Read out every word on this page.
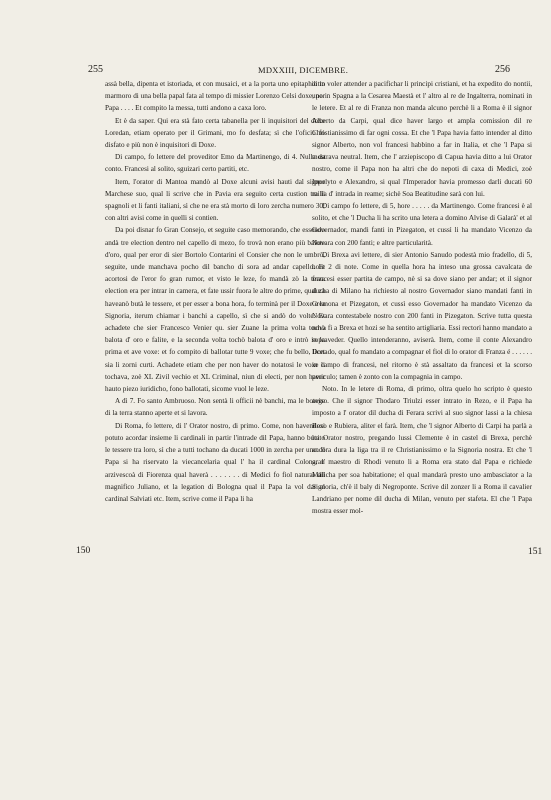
255	MDXXIII, DICEMBRE.	256

assà bella, dipenta et istoriada, et con musaici, et a la porta uno epitaphio in marmoro di una bella papal fata al tempo di missier Lorenzo Celsi doxe, per Papa . . . . Et compito la messa, tutti andono a caxa loro.

Et è da saper. Qui era stà fato certa tabanella per li inquisitori del doxe Loredan, etiam operato per il Grimani, mo fo desfata; sì che l'oficio fo disfato e più non è inquisitori di Doxe.

Di campo, fo lettere del proveditor Emo da Martinengo, di 4. Nulla da conto. Francesi al solito, sguizari certo partiti, etc.

Item, l'orator di Mantoa mandò al Doxe alcuni avisi hauti dal signor Marchese suo, qual li scrive che in Pavia era seguito certa custion tra li spagnoli et li fanti italiani, sì che ne era stà morto di loro zercha numero 30; con altri avisi come in quelli si contien.

Da poi disnar fo Gran Consejo, et seguite caso memorando, che essendo andà tre election dentro nel capello di mezo, fo trovà non erano più balote d'oro, qual per eror di sier Bortolo Contarini el Consier che non le umbrò, seguite, unde manchava pocho dil bancho di sora ad andar capello. Et acortosi de l'eror fo gran rumor, et visto le leze, fo mandà zò la terza election era per intrar in camera, et fate ussir fuora le altre do prime, qual zà haveanò butà le tessere, et per esser a bona hora, fo terminà per il Doxe e la Signoria, iterum chiamar i banchi a capello, sì che si andò do volte. Et achadete che sier Francesco Venier qu. sier Zuane la prima volta tochò balota d' oro e falite, e la seconda volta tochò balota d' oro e intrò in la prima et ave voxe: et fo compito di ballotar tutte 9 voxe; che fu bello, licet sia li zorni curti. Achadete etiam che per non haver do notatosi le voxe li tochava, zoè XL Zivil vechio et XL Criminal, niun di electi, per non haver hauto piezo iuridicho, fono ballotati, sicome vuol le leze.

A dì 7. Fo santo Ambruoso. Non sentà li officii nè banchi, ma le botege di la terra stanno aperte et si lavora.

Di Roma, fo lettere, di l' Orator nostro, di primo. Come, non havendosi potuto acordar insieme li cardinali in partir l'intrade dil Papa, hanno butato le tessere tra loro, sì che a tutti tochano da ducati 1000 in zercha per uno. Il Papa si ha riservato la viecancelaria qual l' ha il cardinal Colona, l' arzivescoà di Fiorenza qual haverà . . . . . . . di Medici fo fiol natural dil magnifico Juliano, et la legation di Bologna qual il Papa la vol dar al cardinal Salviati etc. Item, scrive come il Papa li ha

ditto voler attender a pacifichar li principi cristiani, et ha expedito do nontii, uno in Spagna a la Cesarea Maestà et l' altro al re de Ingalterra, nominati in le letere. Et al re di Franza non manda alcuno perchè li a Roma è il signor Alberto da Carpi, qual dice haver largo et ampla comission dil re Christianissimo di far ogni cossa. Et che 'l Papa havia fatto intender al ditto signor Alberto, non vol francesi habbino a far in Italia, et che 'l Papa si mostrava neutral. Item, che l' arziepiscopo di Capua havia ditto a lui Orator nostro, come il Papa non ha altri che do nepoti di caxa di Medici, zoè Ippolyto e Alexandro, si qual l'Imperador havia promesso darli ducati 60 milia d' intrada in reame; sichè Soa Beatitudine sarà con lui.

Di campo fo lettere, di 5, hore . . . . . da Martinengo. Come francesi è al solito, et che 'l Ducha li ha scrito una letera a domino Alvise di Galarà' et al Governador, mandi fanti in Pizegaton, et cussì li ha mandato Vicenzo da Novara con 200 fanti; e altre particularità.

Di Brexa avi lettere, di sier Antonio Sanudo podestà mio fradello, di 5, hore 2 di note. Come in quella hora ha inteso una grossa cavalcata de francesi esser partita de campo, nè si sa dove siano per andar; et il signor ducha di Milano ha richiesto al nostro Governador siano mandati fanti in Cremona et Pizegaton, et cussì esso Governador ha mandato Vicenzo da Novara contestabele nostro con 200 fanti in Pizegaton. Scrive tutta questa nova fi a Brexa et hozi se ha sentito artigliaria. Essi rectori hanno mandato a sopraveder. Quello intenderanno, aviserà. Item, come il conte Alexandro Donado, qual fo mandato a compagnar el fiol di lo orator di Franza é . . . . . . in campo di francesi, nel ritorno è stà assaltato da francesi et la scorso periculo; tamen è zonto con la compagnia in campo.

Noto. In le letere di Roma, di primo, oltra quelo ho scripto è questo aviso. Che il signor Thodaro Triulzi esser intrato in Rezo, e il Papa ha imposto a l' orator dil ducha di Ferara scrivi al suo signor lassi a la chiesa Rezo e Rubiera, aliter el farà. Item, che 'l signor Alberto di Carpi ha parlà a lui Orator nostro, pregando lussi Clemente è in castel di Brexa, perchè ancora dura la liga tra il re Christianissimo e la Signoria nostra. Et che 'l gran maestro di Rhodi venuto li a Roma era stato dal Papa e richiede Malicha per soa habitatione; el qual mandarà presto uno ambasciator a la Signoria, ch'è il baly di Negroponte. Scrive dil zonzer li a Roma il cavalier Landriano per nome dil ducha di Milan, venuto per stafeta. El che 'l Papa mostra esser mol-

150	151
